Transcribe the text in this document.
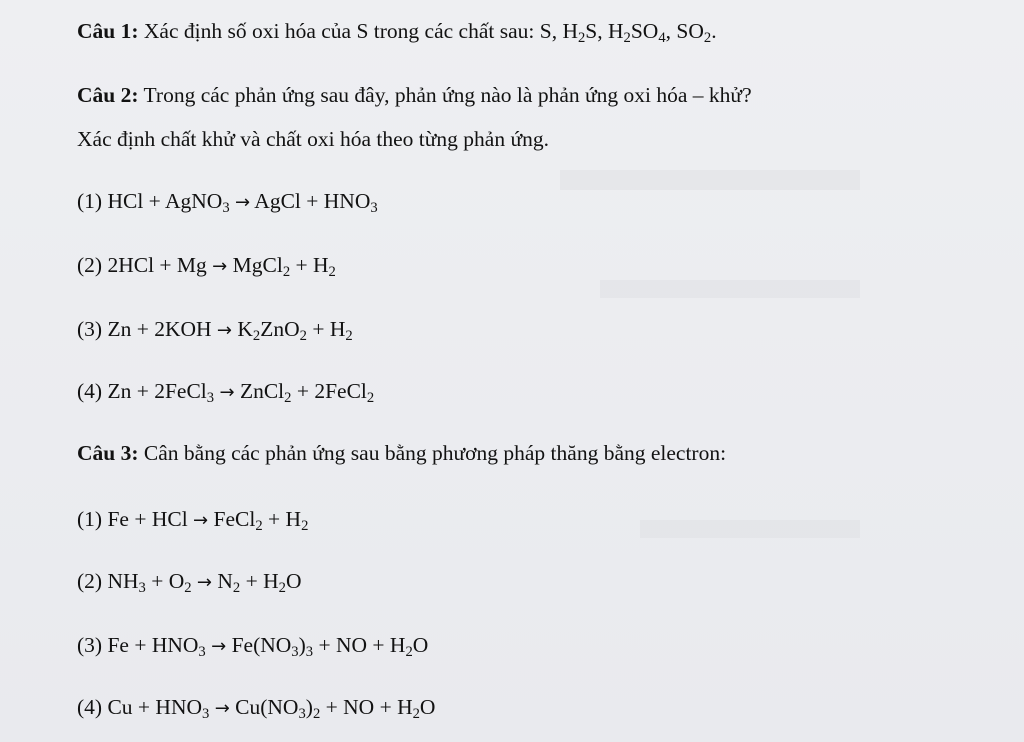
Câu 1: Xác định số oxi hóa của S trong các chất sau: S, $H_2S$, $H_2SO_4$, $SO_2$.
Câu 2: Trong các phản ứng sau đây, phản ứng nào là phản ứng oxi hóa – khử?
Xác định chất khử và chất oxi hóa theo từng phản ứng.
(1) HCl + AgNO$_3$ → AgCl + $HNO_3$
(2) 2HCl + Mg → MgCl$_2$ + $H_2$
(3) $Zn + 2KOH \to K_2ZnO_2 + H_2$
(4) Zn + 2FeCl$_3$ → ZnCl$_2$ + 2FeCl$_2$
Câu 3: Cân bằng các phản ứng sau bằng phương pháp thăng bằng electron:
(1) Fe + HCl → FeCl$_2$ + $H_2$
(2) $NH_3 + O_2 \to N_2 + H_2O$
(3) $Fe + HNO_3 \to Fe(NO_3)_3$ + NO + $H_2O$
(4) $Cu + HNO_3 \to Cu(NO_3)_2$ + NO + $H_2O$
